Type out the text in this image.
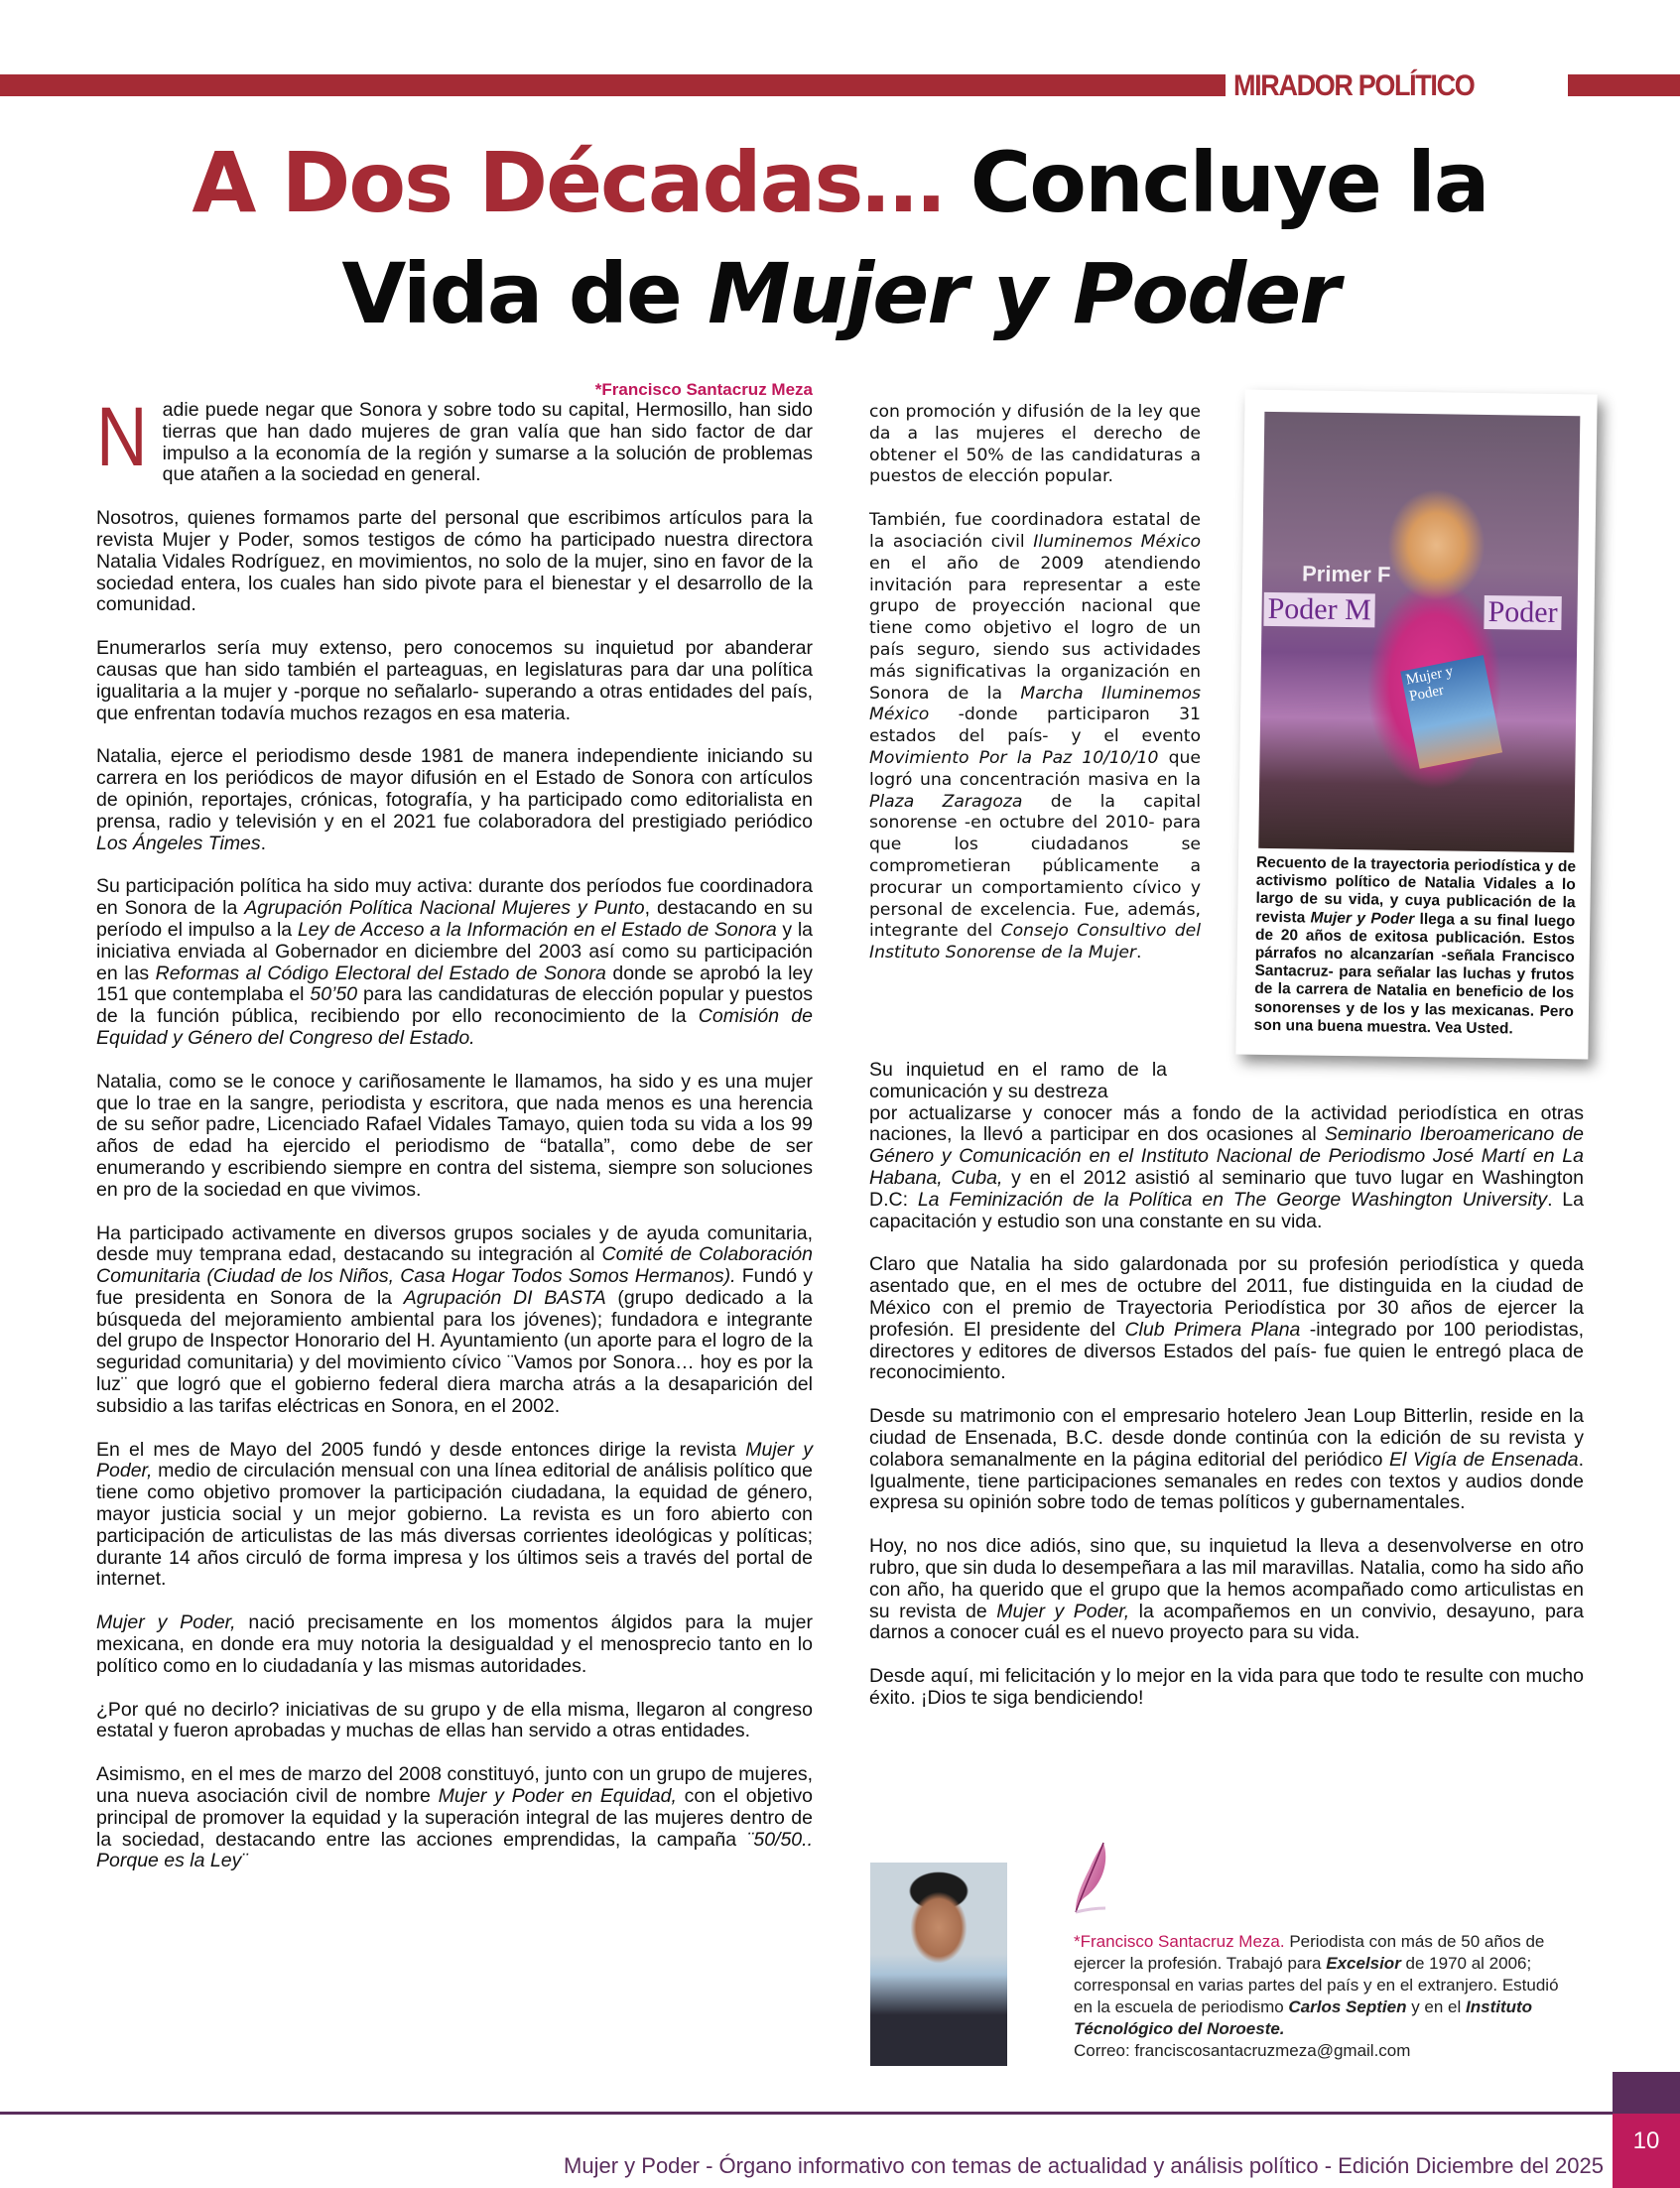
MIRADOR POLÍTICO
A Dos Décadas… Concluye la
Vida de Mujer y Poder
*Francisco Santacruz Meza

Nadie puede negar que Sonora y sobre todo su capital, Hermosillo, han sido tierras que han dado mujeres de gran valía que han sido factor de dar impulso a la economía de la región y sumarse a la solución de problemas que atañen a la sociedad en general.

Nosotros, quienes formamos parte del personal que escribimos artículos para la revista Mujer y Poder, somos testigos de cómo ha participado nuestra directora Natalia Vidales Rodríguez, en movimientos, no solo de la mujer, sino en favor de la sociedad entera, los cuales han sido pivote para el bienestar y el desarrollo de la comunidad.

Enumerarlos sería muy extenso, pero conocemos su inquietud por abanderar causas que han sido también el parteaguas, en legislaturas para dar una política igualitaria a la mujer y -porque no señalarlo- superando a otras entidades del país, que enfrentan todavía muchos rezagos en esa materia.

Natalia, ejerce el periodismo desde 1981 de manera independiente iniciando su carrera en los periódicos de mayor difusión en el Estado de Sonora con artículos de opinión, reportajes, crónicas, fotografía, y ha participado como editorialista en prensa, radio y televisión y en el 2021 fue colaboradora del prestigiado periódico Los Ángeles Times.

Su participación política ha sido muy activa: durante dos períodos fue coordinadora en Sonora de la Agrupación Política Nacional Mujeres y Punto, destacando en su período el impulso a la Ley de Acceso a la Información en el Estado de Sonora y la iniciativa enviada al Gobernador en diciembre del 2003 así como su participación en las Reformas al Código Electoral del Estado de Sonora donde se aprobó la ley 151 que contemplaba el 50’50 para las candidaturas de elección popular y puestos de la función pública, recibiendo por ello reconocimiento de la Comisión de Equidad y Género del Congreso del Estado.

Natalia, como se le conoce y cariñosamente le llamamos, ha sido y es una mujer que lo trae en la sangre, periodista y escritora, que nada menos es una herencia de su señor padre, Licenciado Rafael Vidales Tamayo, quien toda su vida a los 99 años de edad ha ejercido el periodismo de “batalla”, como debe de ser enumerando y escribiendo siempre en contra del sistema, siempre son soluciones en pro de la sociedad en que vivimos.

Ha participado activamente en diversos grupos sociales y de ayuda comunitaria, desde muy temprana edad, destacando su integración al Comité de Colaboración Comunitaria (Ciudad de los Niños, Casa Hogar Todos Somos Hermanos). Fundó y fue presidenta en Sonora de la Agrupación DI BASTA (grupo dedicado a la búsqueda del mejoramiento ambiental para los jóvenes); fundadora e integrante del grupo de Inspector Honorario del H. Ayuntamiento (un aporte para el logro de la seguridad comunitaria) y del movimiento cívico ¨Vamos por Sonora… hoy es por la luz¨ que logró que el gobierno federal diera marcha atrás a la desaparición del subsidio a las tarifas eléctricas en Sonora, en el 2002.

En el mes de Mayo del 2005 fundó y desde entonces dirige la revista Mujer y Poder, medio de circulación mensual con una línea editorial de análisis político que tiene como objetivo promover la participación ciudadana, la equidad de género, mayor justicia social y un mejor gobierno. La revista es un foro abierto con participación de articulistas de las más diversas corrientes ideológicas y políticas; durante 14 años circuló de forma impresa y los últimos seis a través del portal de internet.

Mujer y Poder, nació precisamente en los momentos álgidos para la mujer mexicana, en donde era muy notoria la desigualdad y el menosprecio tanto en lo político como en lo ciudadanía y las mismas autoridades.

¿Por qué no decirlo? iniciativas de su grupo y de ella misma, llegaron al congreso estatal y fueron aprobadas y muchas de ellas han servido a otras entidades.

Asimismo, en el mes de marzo del 2008 constituyó, junto con un grupo de mujeres, una nueva asociación civil de nombre Mujer y Poder en Equidad, con el objetivo principal de promover la equidad y la superación integral de las mujeres dentro de la sociedad, destacando entre las acciones emprendidas, la campaña ¨50/50.. Porque es la Ley¨

con promoción y difusión de la ley que da a las mujeres el derecho de obtener el 50% de las candidaturas a puestos de elección popular.

También, fue coordinadora estatal de la asociación civil Iluminemos México en el año de 2009 atendiendo invitación para representar a este grupo de proyección nacional que tiene como objetivo el logro de un país seguro, siendo sus actividades más significativas la organización en Sonora de la Marcha Iluminemos México -donde participaron 31 estados del país- y el evento Movimiento Por la Paz 10/10/10 que logró una concentración masiva en la Plaza Zaragoza de la capital sonorense -en octubre del 2010- para que los ciudadanos se comprometieran públicamente a procurar un comportamiento cívico y personal de excelencia. Fue, además, integrante del Consejo Consultivo del Instituto Sonorense de la Mujer.

Su inquietud en el ramo de la comunicación y su destreza
por actualizarse y conocer más a fondo de la actividad periodística en otras naciones, la llevó a participar en dos ocasiones al Seminario Iberoamericano de Género y Comunicación en el Instituto Nacional de Periodismo José Martí en La Habana, Cuba, y en el 2012 asistió al seminario que tuvo lugar en Washington D.C: La Feminización de la Política en The George Washington University. La capacitación y estudio son una constante en su vida.

Claro que Natalia ha sido galardonada por su profesión periodística y queda asentado que, en el mes de octubre del 2011, fue distinguida en la ciudad de México con el premio de Trayectoria Periodística por 30 años de ejercer la profesión. El presidente del Club Primera Plana -integrado por 100 periodistas, directores y editores de diversos Estados del país- fue quien le entregó placa de reconocimiento.

Desde su matrimonio con el empresario hotelero Jean Loup Bitterlin, reside en la ciudad de Ensenada, B.C. desde donde continúa con la edición de su revista y colabora semanalmente en la página editorial del periódico El Vigía de Ensenada. Igualmente, tiene participaciones semanales en redes con textos y audios donde expresa su opinión sobre todo de temas políticos y gubernamentales.

Hoy, no nos dice adiós, sino que, su inquietud la lleva a desenvolverse en otro rubro, que sin duda lo desempeñara a las mil maravillas. Natalia, como ha sido año con año, ha querido que el grupo que la hemos acompañado como articulistas en su revista de Mujer y Poder, la acompañemos en un convivio, desayuno, para darnos a conocer cuál es el nuevo proyecto para su vida.

Desde aquí, mi felicitación y lo mejor en la vida para que todo te resulte con mucho éxito. ¡Dios te siga bendiciendo!

Primer F
Poder M	Poder
Mujer y Poder
Recuento de la trayectoria periodística y de activismo político de Natalia Vidales a lo largo de su vida, y cuya publicación de la revista Mujer y Poder llega a su final luego de 20 años de exitosa publicación. Estos párrafos no alcanzarían -señala Francisco Santacruz- para señalar las luchas y frutos de la carrera de Natalia en beneficio de los sonorenses y de los y las mexicanas. Pero son una buena muestra. Vea Usted.
*Francisco Santacruz Meza. Periodista con más de 50 años de ejercer la profesión. Trabajó para Excelsior de 1970 al 2006; corresponsal en varias partes del país y en el extranjero. Estudió en la escuela de periodismo Carlos Septien y en el Instituto Técnológico del Noroeste.
Correo: franciscosantacruzmeza@gmail.com
10
Mujer y Poder - Órgano informativo con temas de actualidad y análisis político - Edición Diciembre del 2025
